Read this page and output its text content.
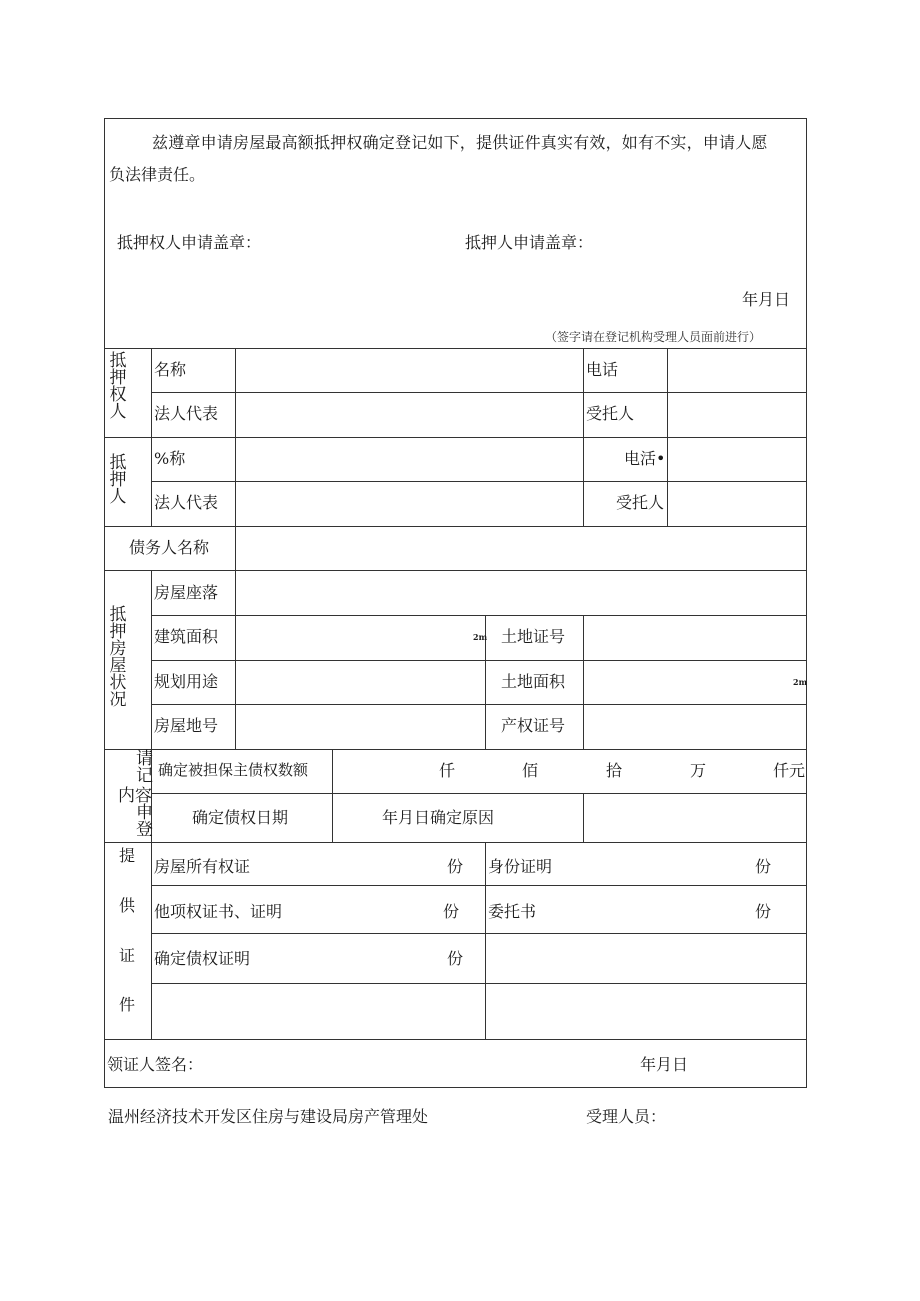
兹遵章申请房屋最高额抵押权确定登记如下，提供证件真实有效，如有不实，申请人愿
负法律责任。
抵押权人申请盖章：	抵押人申请盖章：
年月日
（签字请在登记机构受理人员面前进行）
抵押权人
名称	电话
法人代表	受托人
抵押人
%称	电活•
法人代表	受托人
债务人名称
抵押房屋状况
房屋座落
建筑面积	2m 土地证号
规划用途	土地面积	2m
房屋地号	产权证号
请记
内容
申登
确定被担保主债权数额	仟	佰	拾	万	仟元
确定债权日期	年月日确定原因
提
供
证
件
房屋所有权证	份 身份证明	份
他项权证书、证明	份 委托书	份
确定债权证明	份
领证人签名：	年月日
温州经济技术开发区住房与建设局房产管理处	受理人员：
